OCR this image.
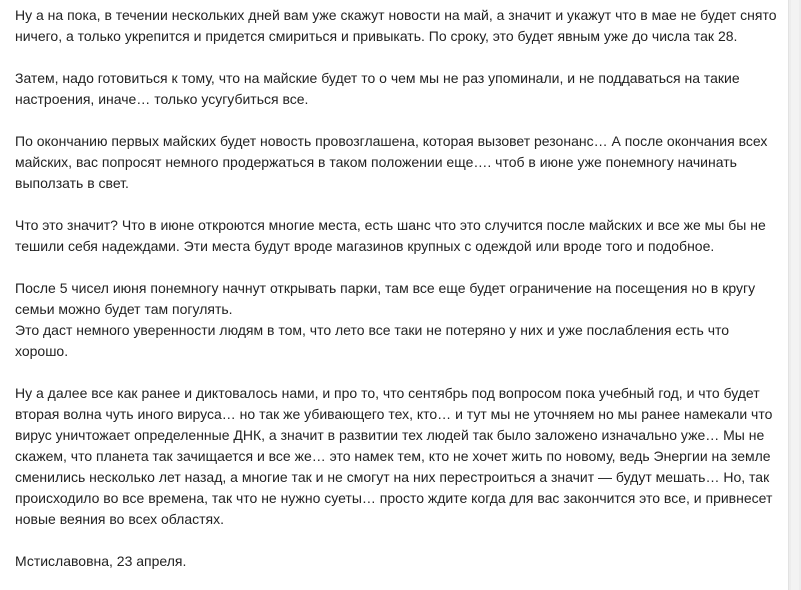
Ну а на пока, в течении нескольких дней вам уже скажут новости на май, а значит и укажут что в мае не будет снято ничего, а только укрепится и придется смириться и привыкать. По сроку, это будет явным уже до числа так 28.

Затем, надо готовиться к тому, что на майские будет то о чем мы не раз упоминали, и не поддаваться на такие настроения, иначе… только усугубиться все.

По окончанию первых майских будет новость провозглашена, которая вызовет резонанс… А после окончания всех майских, вас попросят немного продержаться в таком положении еще…. чтоб в июне уже понемногу начинать выползать в свет.

Что это значит? Что в июне откроются многие места, есть шанс что это случится после майских и все же мы бы не тешили себя надеждами. Эти места будут вроде магазинов крупных с одеждой или вроде того и подобное.

После 5 чисел июня понемногу начнут открывать парки, там все еще будет ограничение на посещения но в кругу семьи можно будет там погулять.

Это даст немного уверенности людям в том, что лето все таки не потеряно у них и уже послабления есть что хорошо.

Ну а далее все как ранее и диктовалось нами, и про то, что сентябрь под вопросом пока учебный год, и что будет вторая волна чуть иного вируса… но так же убивающего тех, кто… и тут мы не уточняем но мы ранее намекали что вирус уничтожает определенные ДНК, а значит в развитии тех людей так было заложено изначально уже… Мы не скажем, что планета так зачищается и все же… это намек тем, кто не хочет жить по новому, ведь Энергии на земле сменились несколько лет назад, а многие так и не смогут на них перестроиться а значит — будут мешать… Но, так происходило во все времена, так что не нужно суеты… просто ждите когда для вас закончится это все, и привнесет новые веяния во всех областях.

Мстиславовна, 23 апреля.
